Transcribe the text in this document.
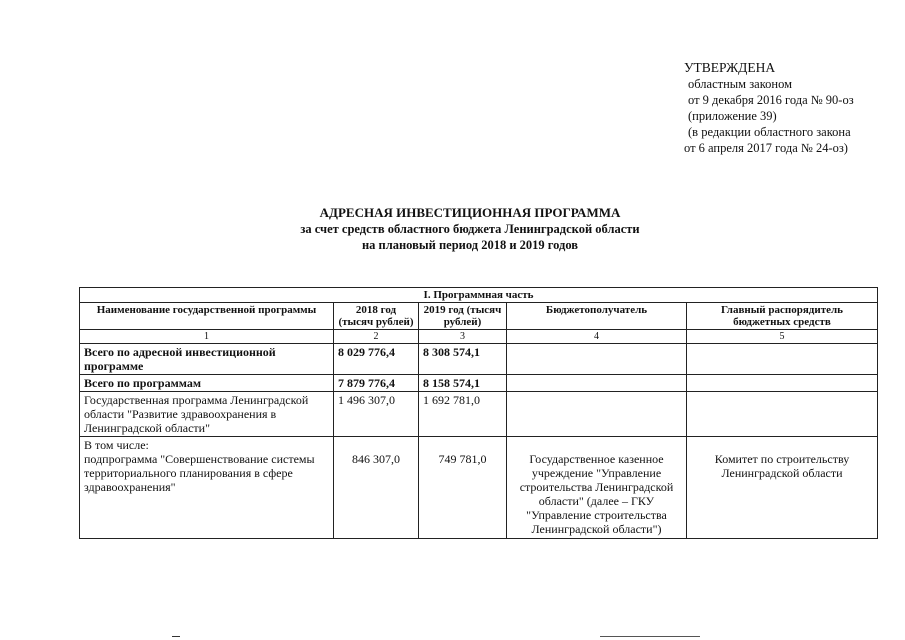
УТВЕРЖДЕНА
областным законом
от 9 декабря 2016 года № 90-оз
(приложение 39)
(в редакции областного закона
от 6 апреля 2017 года № 24-оз)
АДРЕСНАЯ ИНВЕСТИЦИОННАЯ ПРОГРАММА
за счет средств областного бюджета Ленинградской области
на плановый период 2018 и 2019 годов
I. Программная часть				
Наименование государственной программы	2018 год (тысяч рублей)	2019 год (тысяч рублей)	Бюджетополучатель	Главный распорядитель бюджетных средств
1	2	3	4	5
Всего по адресной инвестиционной программе	8 029 776,4	8 308 574,1		
Всего по программам	7 879 776,4	8 158 574,1		
Государственная программа Ленинградской области "Развитие здравоохранения в Ленинградской области"	1 496 307,0	1 692 781,0		

В том числе:
подпрограмма "Совершенствование системы территориального планирования в сфере здравоохранения"	846 307,0	749 781,0	Государственное казенное учреждение "Управление строительства Ленинградской области" (далее – ГКУ "Управление строительства Ленинградской области")	Комитет по строительству Ленинградской области
